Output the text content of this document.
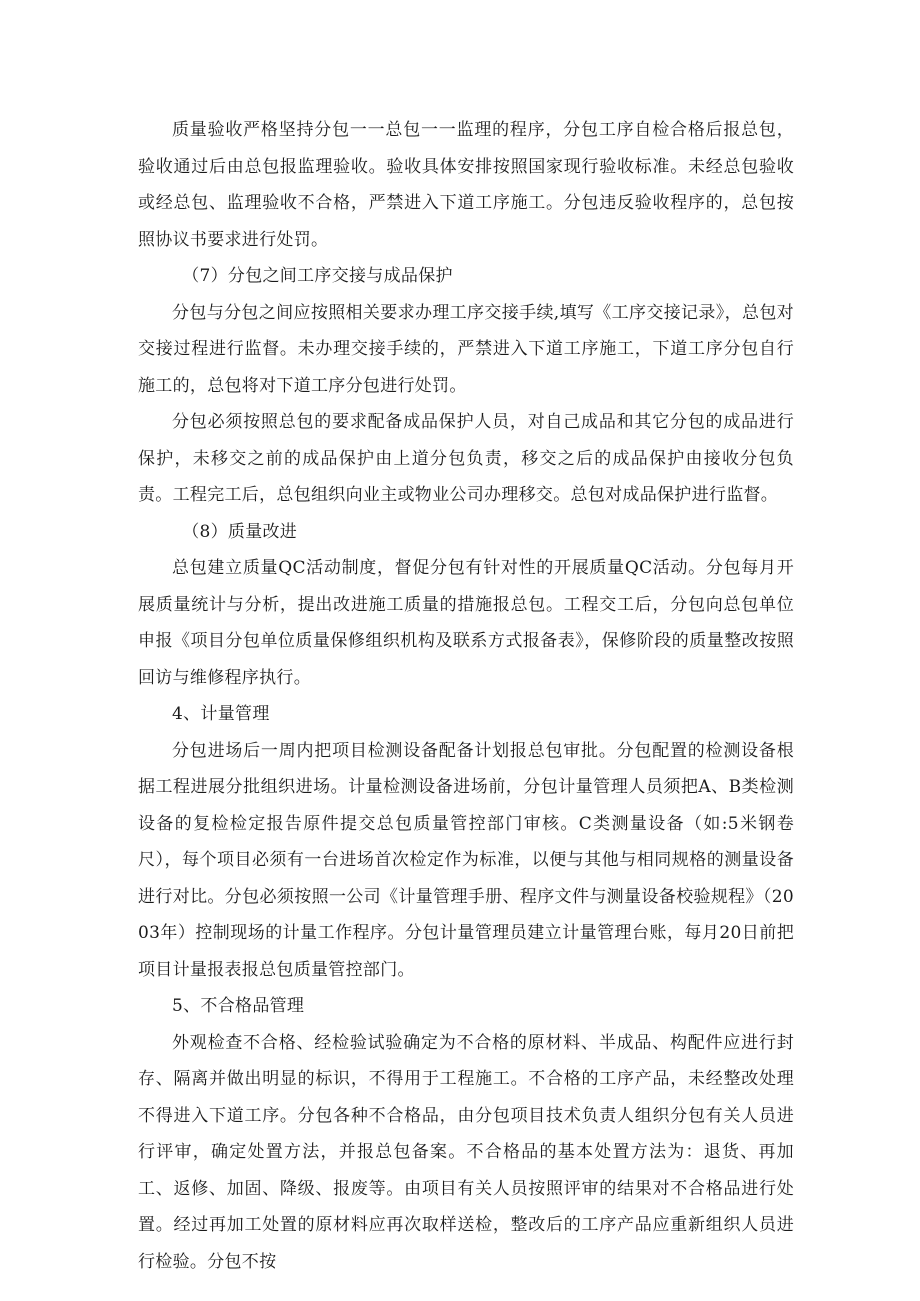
质量验收严格坚持分包一一总包一一监理的程序，分包工序自检合格后报总包，验收通过后由总包报监理验收。验收具体安排按照国家现行验收标准。未经总包验收或经总包、监理验收不合格，严禁进入下道工序施工。分包违反验收程序的，总包按照协议书要求进行处罚。

（7）分包之间工序交接与成品保护

分包与分包之间应按照相关要求办理工序交接手续,填写《工序交接记录》，总包对交接过程进行监督。未办理交接手续的，严禁进入下道工序施工，下道工序分包自行施工的，总包将对下道工序分包进行处罚。

分包必须按照总包的要求配备成品保护人员，对自己成品和其它分包的成品进行保护，未移交之前的成品保护由上道分包负责，移交之后的成品保护由接收分包负责。工程完工后，总包组织向业主或物业公司办理移交。总包对成品保护进行监督。

（8）质量改进

总包建立质量QC活动制度，督促分包有针对性的开展质量QC活动。分包每月开展质量统计与分析，提出改进施工质量的措施报总包。工程交工后，分包向总包单位申报《项目分包单位质量保修组织机构及联系方式报备表》，保修阶段的质量整改按照回访与维修程序执行。

4、计量管理

分包进场后一周内把项目检测设备配备计划报总包审批。分包配置的检测设备根据工程进展分批组织进场。计量检测设备进场前，分包计量管理人员须把A、B类检测设备的复检检定报告原件提交总包质量管控部门审核。C类测量设备（如:5米钢卷尺），每个项目必须有一台进场首次检定作为标准，以便与其他与相同规格的测量设备进行对比。分包必须按照一公司《计量管理手册、程序文件与测量设备校验规程》（2003年）控制现场的计量工作程序。分包计量管理员建立计量管理台账，每月20日前把项目计量报表报总包质量管控部门。

5、不合格品管理

外观检查不合格、经检验试验确定为不合格的原材料、半成品、构配件应进行封存、隔离并做出明显的标识，不得用于工程施工。不合格的工序产品，未经整改处理不得进入下道工序。分包各种不合格品，由分包项目技术负责人组织分包有关人员进行评审，确定处置方法，并报总包备案。不合格品的基本处置方法为：退货、再加工、返修、加固、降级、报废等。由项目有关人员按照评审的结果对不合格品进行处置。经过再加工处置的原材料应再次取样送检，整改后的工序产品应重新组织人员进行检验。分包不按
